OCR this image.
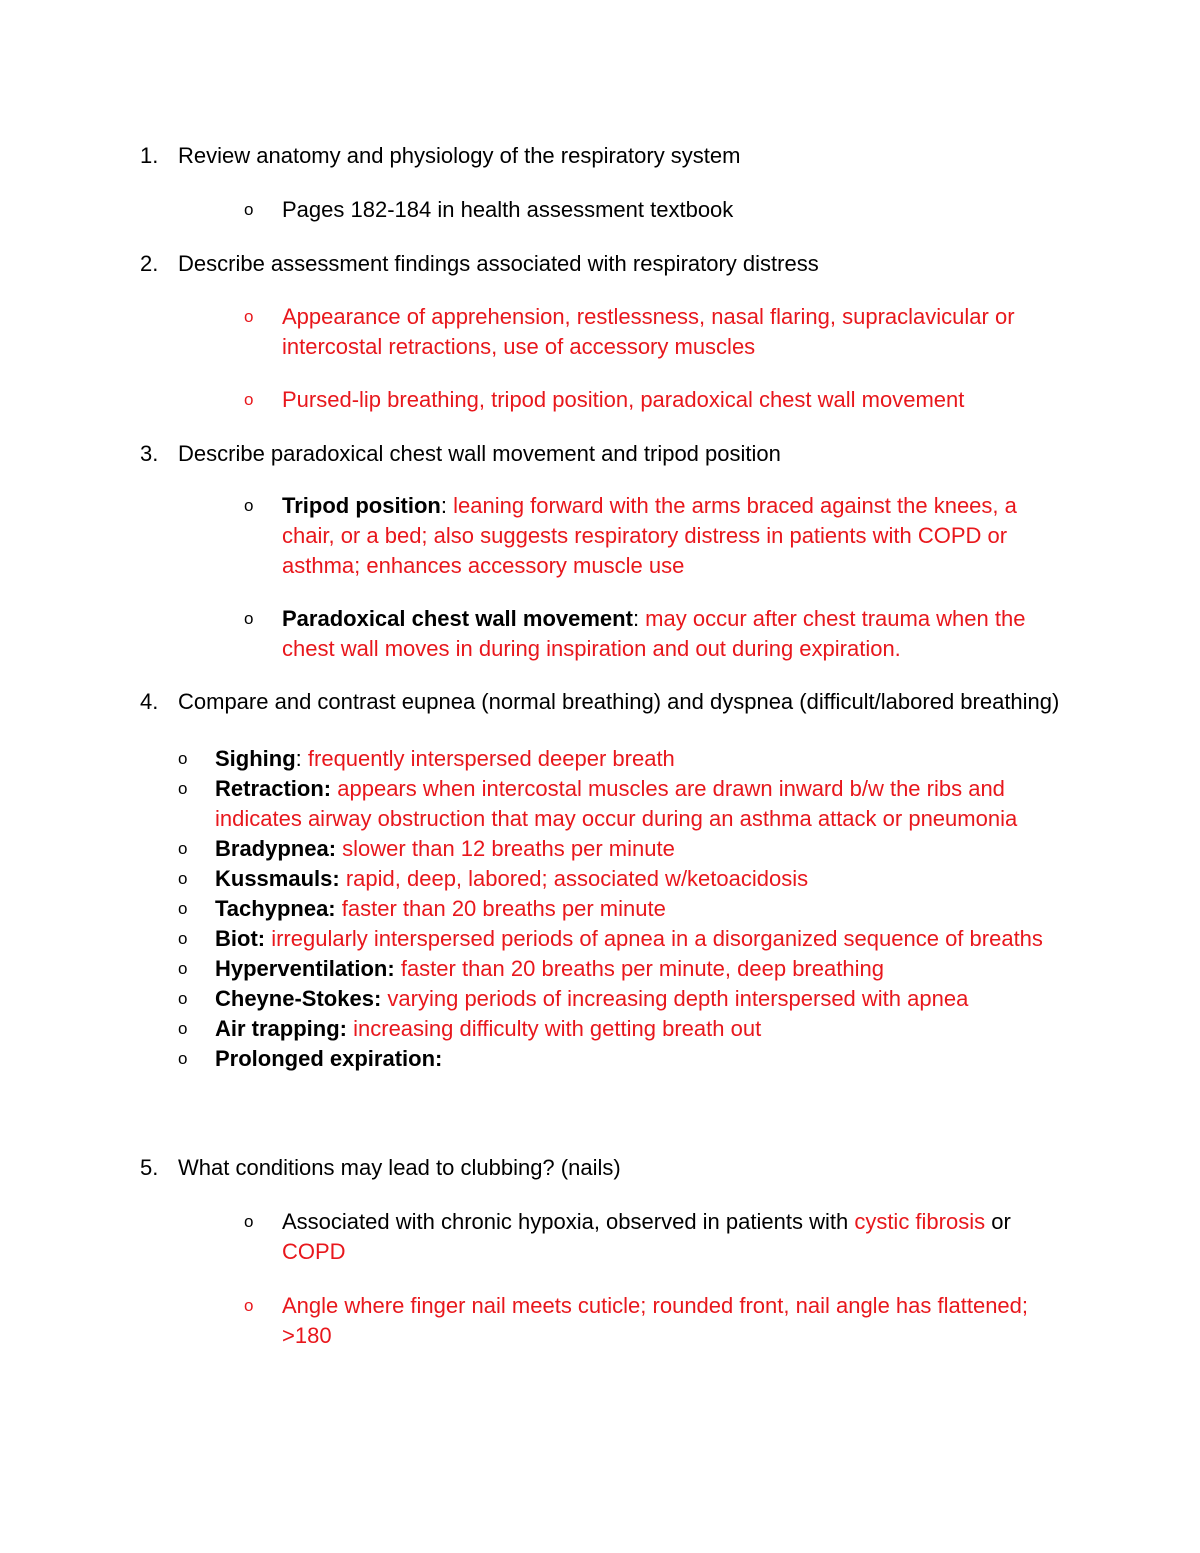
1. Review anatomy and physiology of the respiratory system
o	Pages 182-184 in health assessment textbook
2. Describe assessment findings associated with respiratory distress
o	Appearance of apprehension, restlessness, nasal flaring, supraclavicular or intercostal retractions, use of accessory muscles
o	Pursed-lip breathing, tripod position, paradoxical chest wall movement
3. Describe paradoxical chest wall movement and tripod position
o	Tripod position: leaning forward with the arms braced against the knees, a chair, or a bed; also suggests respiratory distress in patients with COPD or asthma; enhances accessory muscle use
o	Paradoxical chest wall movement: may occur after chest trauma when the chest wall moves in during inspiration and out during expiration.
4. Compare and contrast eupnea (normal breathing) and dyspnea (difficult/labored breathing)
o	Sighing: frequently interspersed deeper breath
o	Retraction: appears when intercostal muscles are drawn inward b/w the ribs and indicates airway obstruction that may occur during an asthma attack or pneumonia
o	Bradypnea: slower than 12 breaths per minute
o	Kussmauls: rapid, deep, labored; associated w/ketoacidosis
o	Tachypnea: faster than 20 breaths per minute
o	Biot: irregularly interspersed periods of apnea in a disorganized sequence of breaths
o	Hyperventilation: faster than 20 breaths per minute, deep breathing
o	Cheyne-Stokes: varying periods of increasing depth interspersed with apnea
o	Air trapping: increasing difficulty with getting breath out
o	Prolonged expiration:
5. What conditions may lead to clubbing? (nails)
o	Associated with chronic hypoxia, observed in patients with cystic fibrosis or COPD
o	Angle where finger nail meets cuticle; rounded front, nail angle has flattened; >180
